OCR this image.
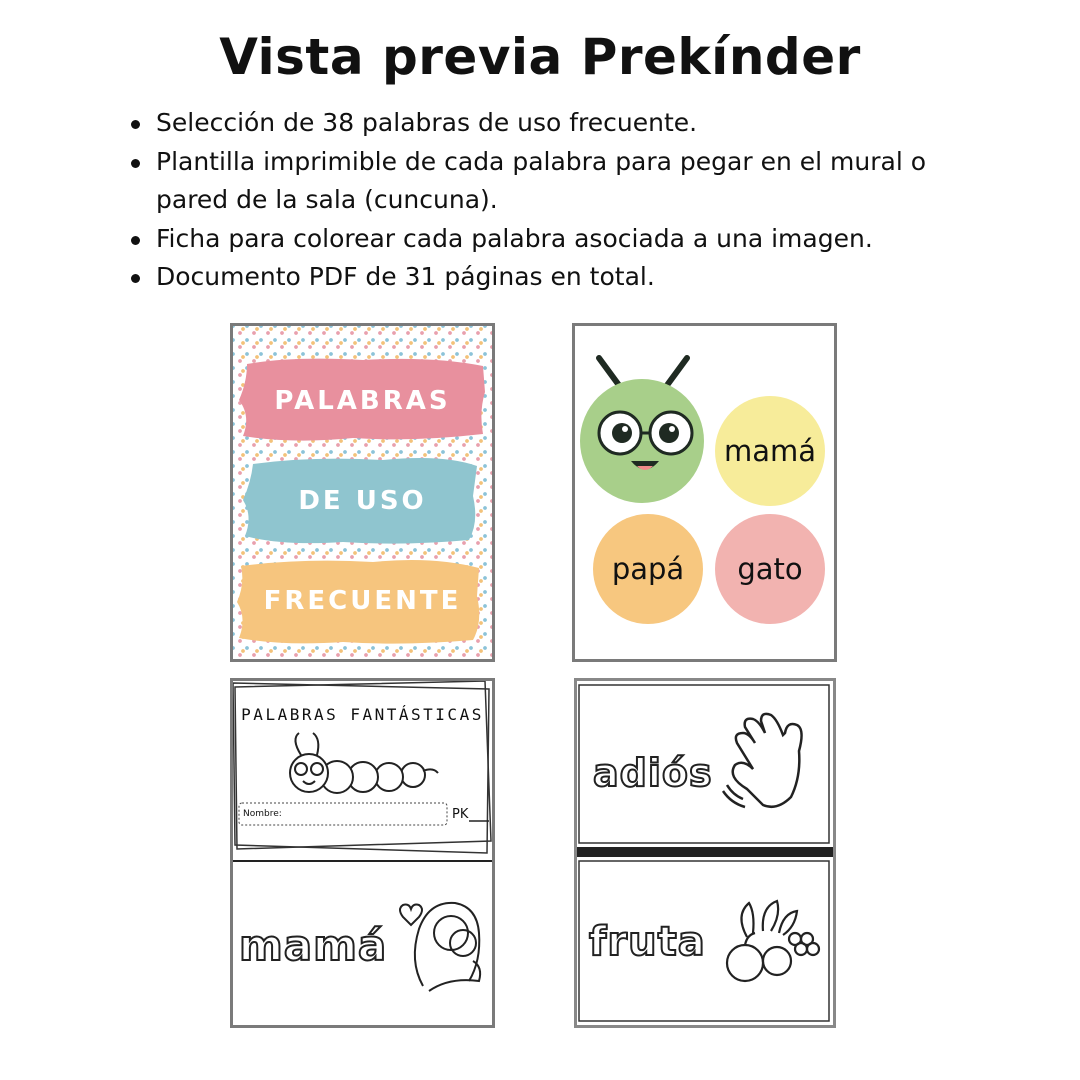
Vista previa Prekínder
Selección de 38 palabras de uso frecuente.
Plantilla imprimible de cada palabra para pegar en el mural o
pared de la sala (cuncuna).
Ficha para colorear cada palabra asociada a una imagen.
Documento PDF de 31 páginas en total.
PALABRAS
DE USO
FRECUENTE
mamá
papá gato
PALABRAS FANTÁSTICAS
Nombre:	PK
mamá
adiós
fruta
